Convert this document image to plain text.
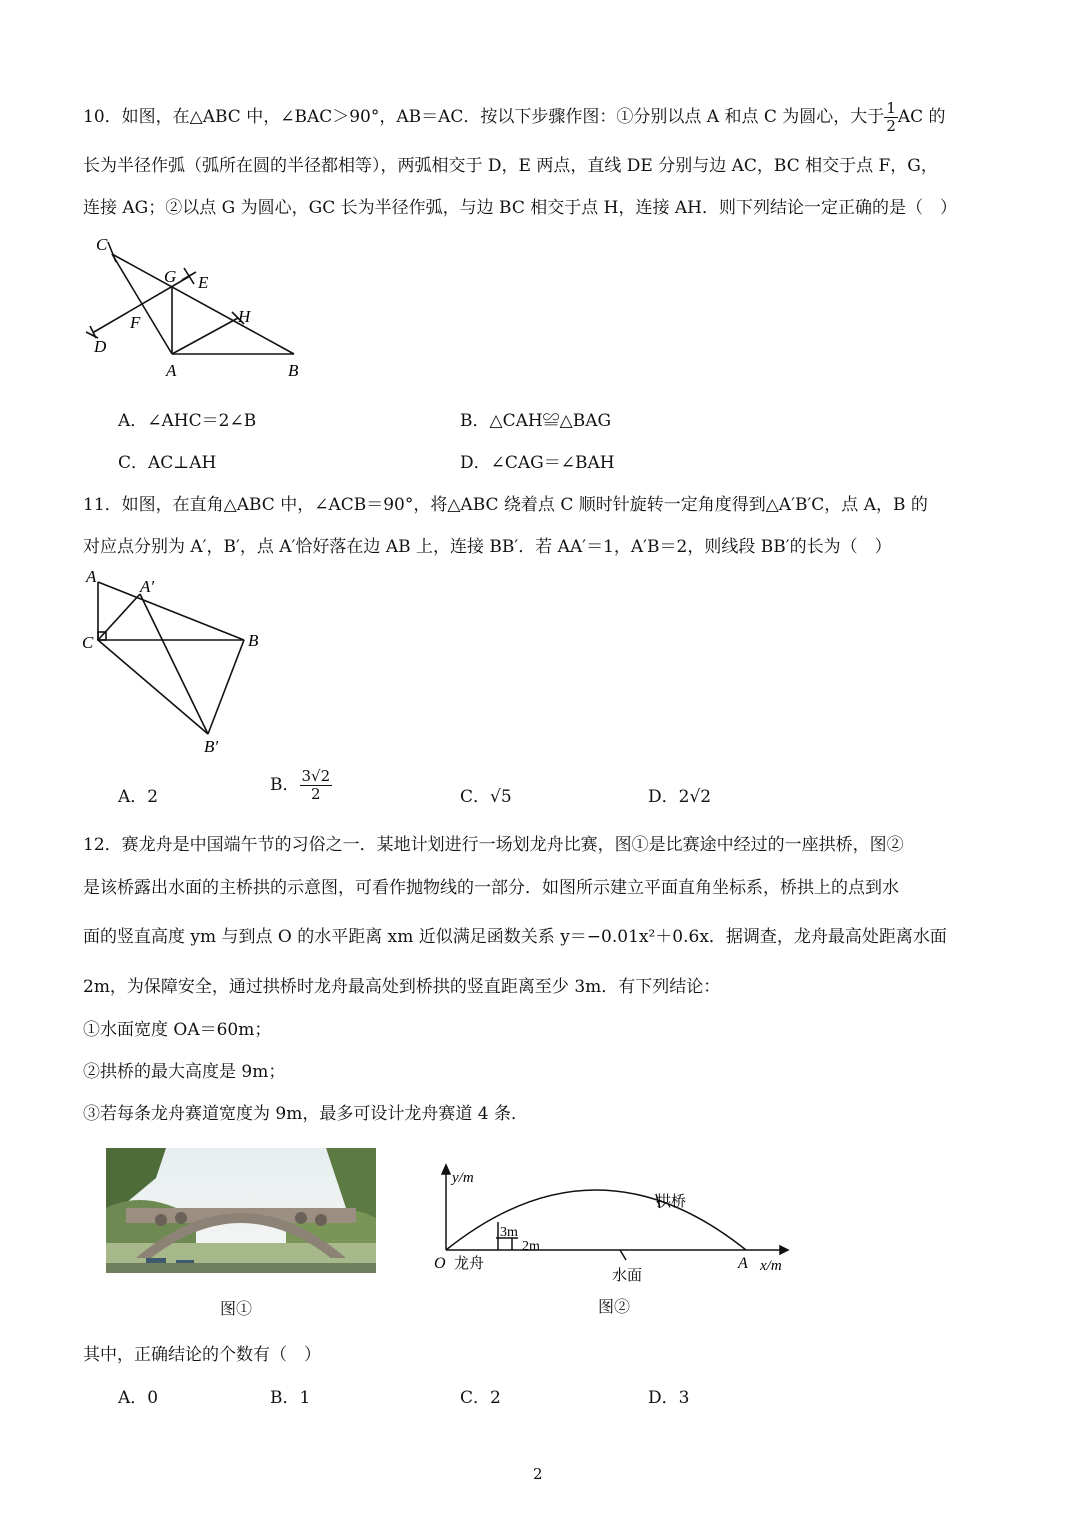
10．如图，在△ABC 中，∠BAC＞90°，AB＝AC．按以下步骤作图：①分别以点 A 和点 C 为圆心，大于 $\frac{1}{2}$ AC 的
长为半径作弧（弧所在圆的半径都相等），两弧相交于 D，E 两点，直线 DE 分别与边 AC，BC 相交于点 F，G，
连接 AG；②以点 G 为圆心，GC 长为半径作弧，与边 BC 相交于点 H，连接 AH．则下列结论一定正确的是（　）
C
G E
H
F
D
A	B
A．∠AHC＝2∠B	B．△CAH≌△BAG
C．AC⊥AH	D．∠CAG＝∠BAH
11．如图，在直角△ABC 中，∠ACB＝90°，将△ABC 绕着点 C 顺时针旋转一定角度得到△A′B′C，点 A，B 的
对应点分别为 A′，B′，点 A′恰好落在边 AB 上，连接 BB′．若 AA′＝1，A′B＝2，则线段 BB′的长为（　）
A
A′
C	B
B′
A．2
B． $\frac{3√2}{2}$	C．√5	D．2√2
12．赛龙舟是中国端午节的习俗之一．某地计划进行一场划龙舟比赛，图①是比赛途中经过的一座拱桥，图②
是该桥露出水面的主桥拱的示意图，可看作抛物线的一部分．如图所示建立平面直角坐标系，桥拱上的点到水
面的竖直高度 ym 与到点 O 的水平距离 xm 近似满足函数关系 y＝−0.01x²＋0.6x．据调查，龙舟最高处距离水面
2m，为保障安全，通过拱桥时龙舟最高处到桥拱的竖直距离至少 3m．有下列结论：
①水面宽度 OA＝60m；
②拱桥的最大高度是 9m；
③若每条龙舟赛道宽度为 9m，最多可设计龙舟赛道 4 条．
图①
y/m
x/m
O	A
拱桥
水面
龙舟
3m
2m
图②
其中，正确结论的个数有（　）
A．0	B．1	C．2	D．3
2
